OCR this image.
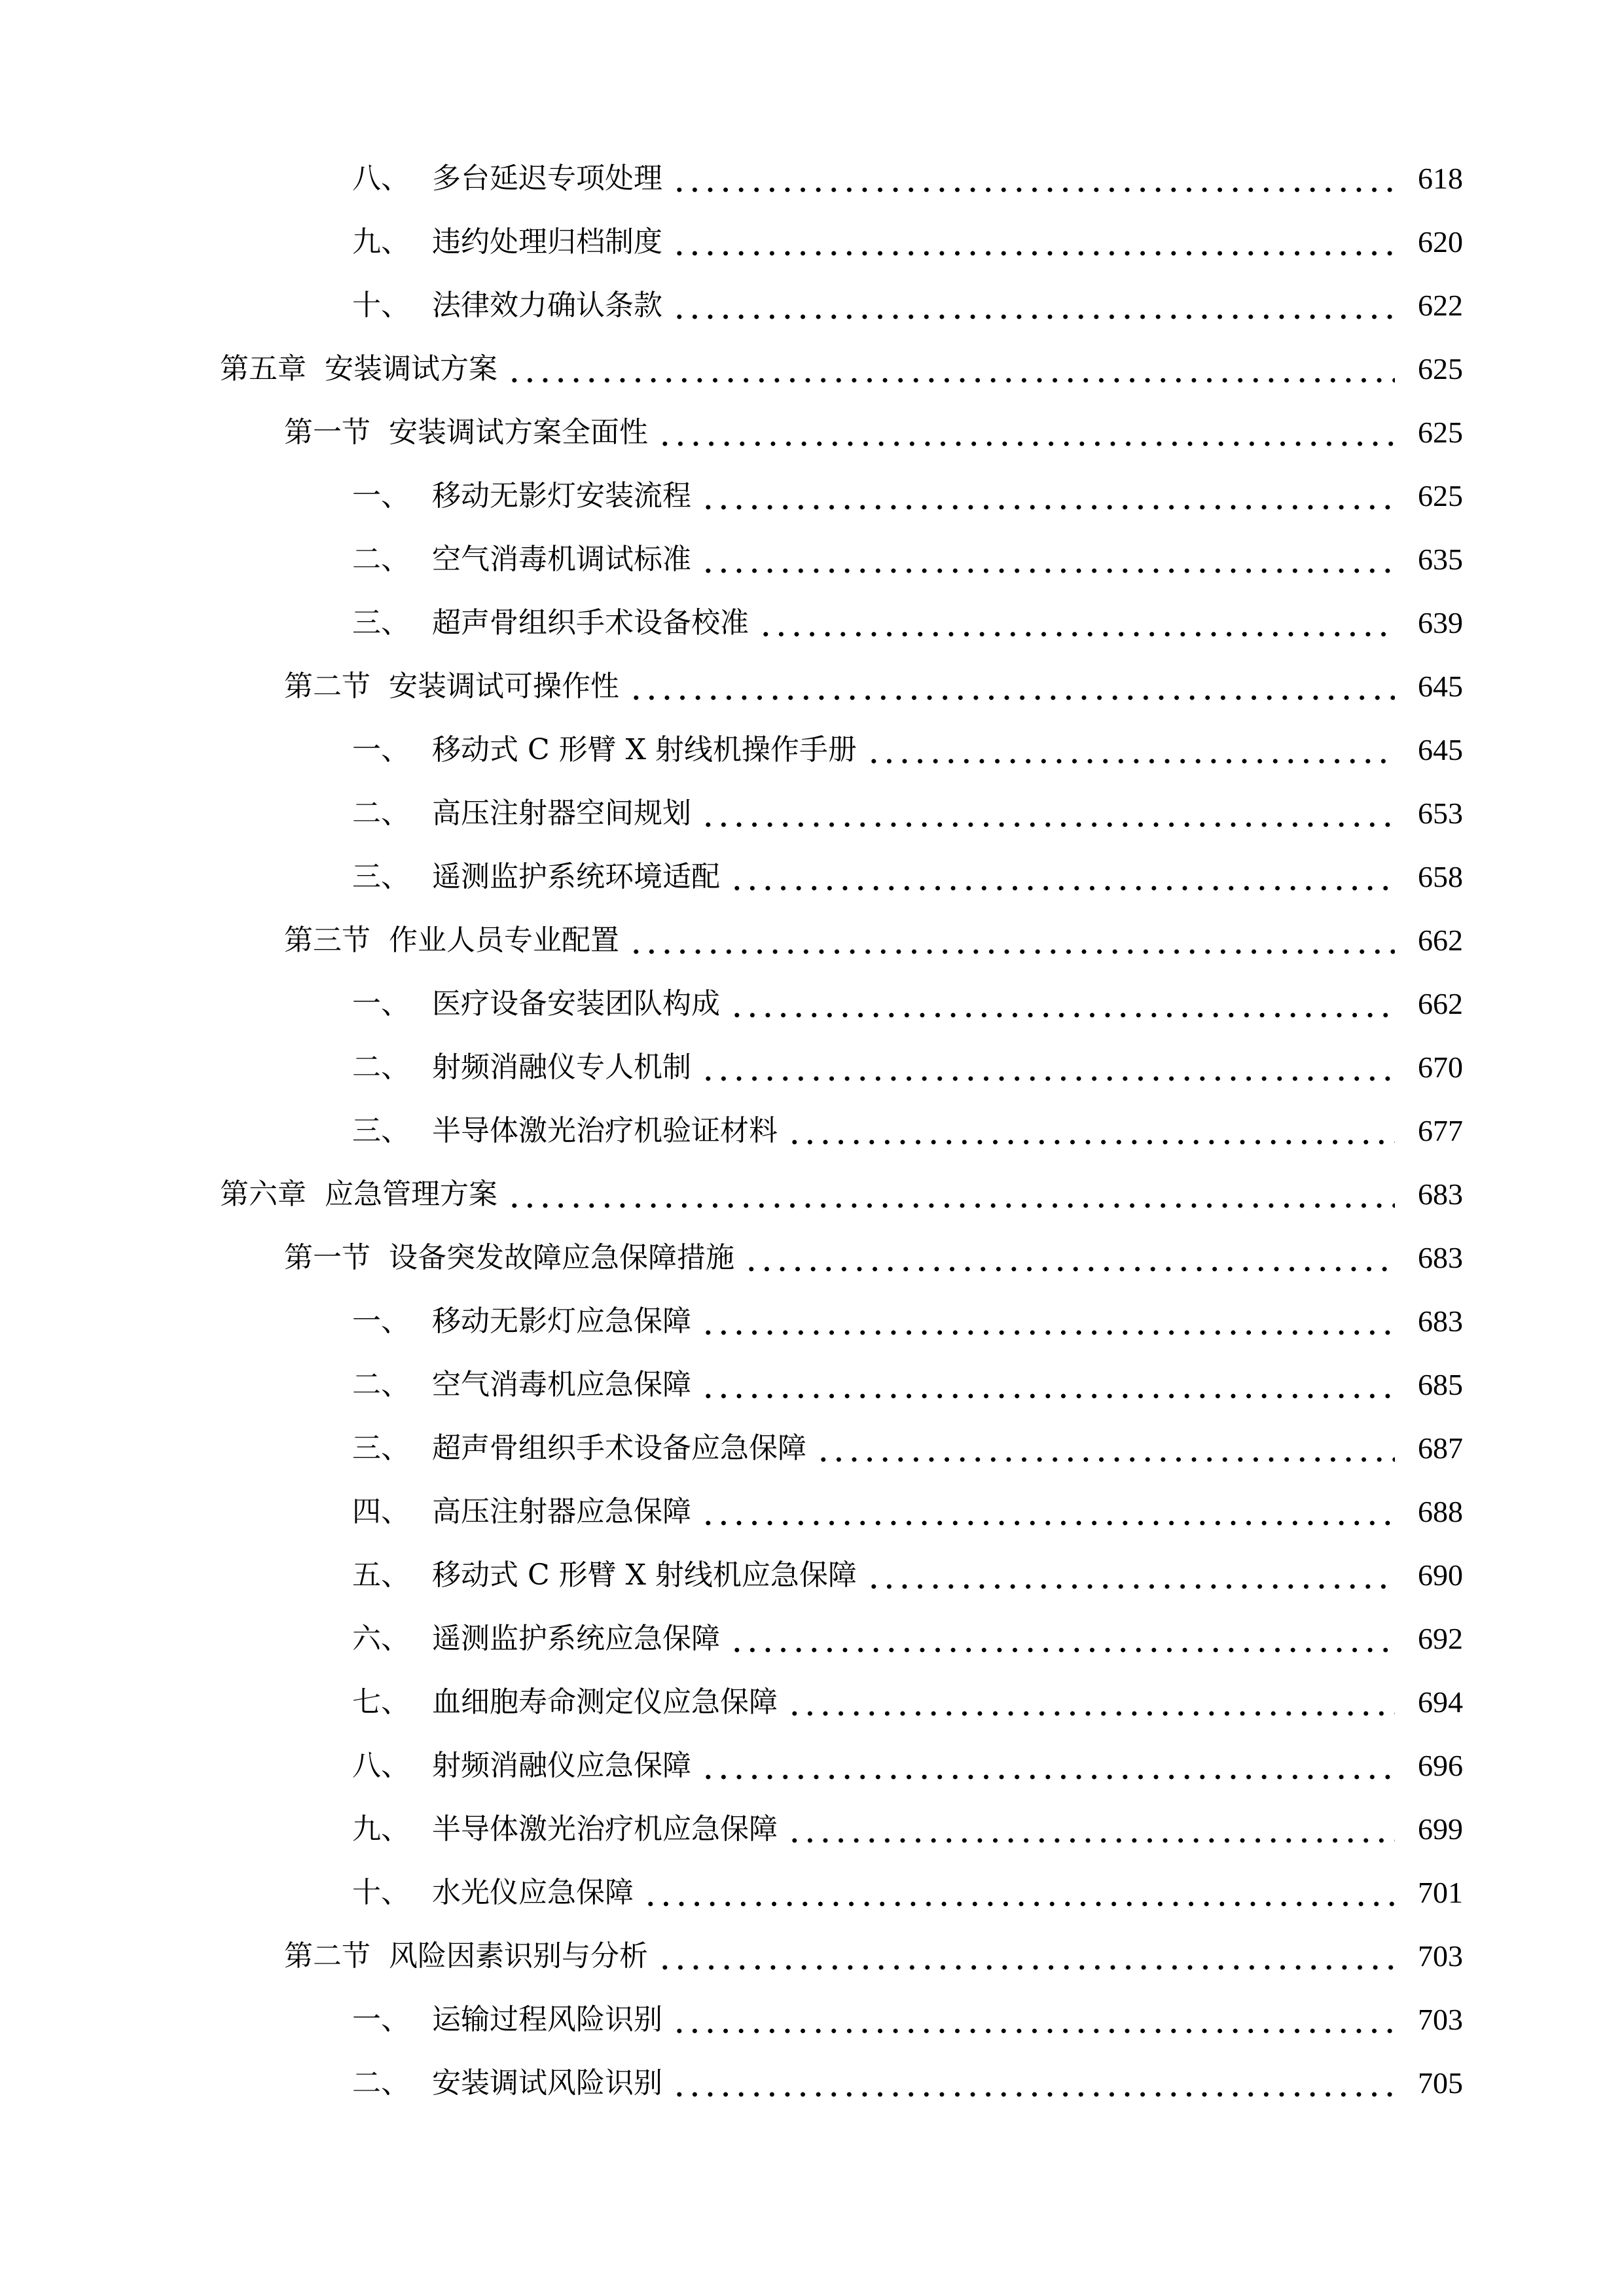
八、 多台延迟专项处理	618
九、 违约处理归档制度	620
十、 法律效力确认条款	622
第五章 安装调试方案	625
第一节 安装调试方案全面性	625
一、 移动无影灯安装流程	625
二、 空气消毒机调试标准	635
三、 超声骨组织手术设备校准	639
第二节 安装调试可操作性	645
一、 移动式 C 形臂 X 射线机操作手册	645
二、 高压注射器空间规划	653
三、 遥测监护系统环境适配	658
第三节 作业人员专业配置	662
一、 医疗设备安装团队构成	662
二、 射频消融仪专人机制	670
三、 半导体激光治疗机验证材料	677
第六章 应急管理方案	683
第一节 设备突发故障应急保障措施	683
一、 移动无影灯应急保障	683
二、 空气消毒机应急保障	685
三、 超声骨组织手术设备应急保障	687
四、 高压注射器应急保障	688
五、 移动式 C 形臂 X 射线机应急保障	690
六、 遥测监护系统应急保障	692
七、 血细胞寿命测定仪应急保障	694
八、 射频消融仪应急保障	696
九、 半导体激光治疗机应急保障	699
十、 水光仪应急保障	701
第二节 风险因素识别与分析	703
一、 运输过程风险识别	703
二、 安装调试风险识别	705
